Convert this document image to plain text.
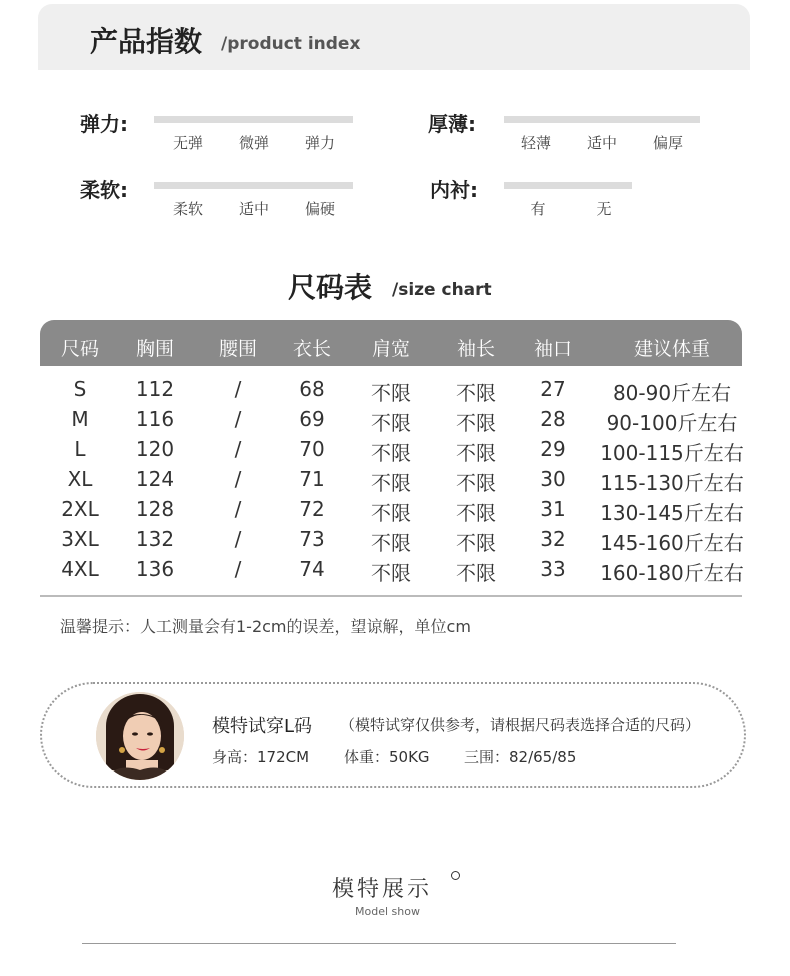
产品指数 /product index
弹力:
无弹	微弹	弹力
厚薄:
轻薄	适中	偏厚
柔软:
柔软	适中	偏硬
内衬:
有	无
尺码表 /size chart
尺码 胸围 腰围 衣长 肩宽 袖长 袖口	建议体重
S 112	/	68 不限 不限 27 80-90斤左右
M 116	/	69 不限 不限 28 90-100斤左右
L	120	/	70 不限 不限 29 100-115斤左右
XL 124	/	71 不限 不限 30 115-130斤左右
2XL 128	/	72 不限 不限 31 130-145斤左右
3XL 132	/	73 不限 不限 32 145-160斤左右
4XL 136	/	74 不限 不限 33 160-180斤左右
温馨提示：人工测量会有1-2cm的误差，望谅解，单位cm
模特试穿L码 （模特试穿仅供参考，请根据尺码表选择合适的尺码）
身高：172CM 体重：50KG 三围：82/65/85
模特展示
Model show
